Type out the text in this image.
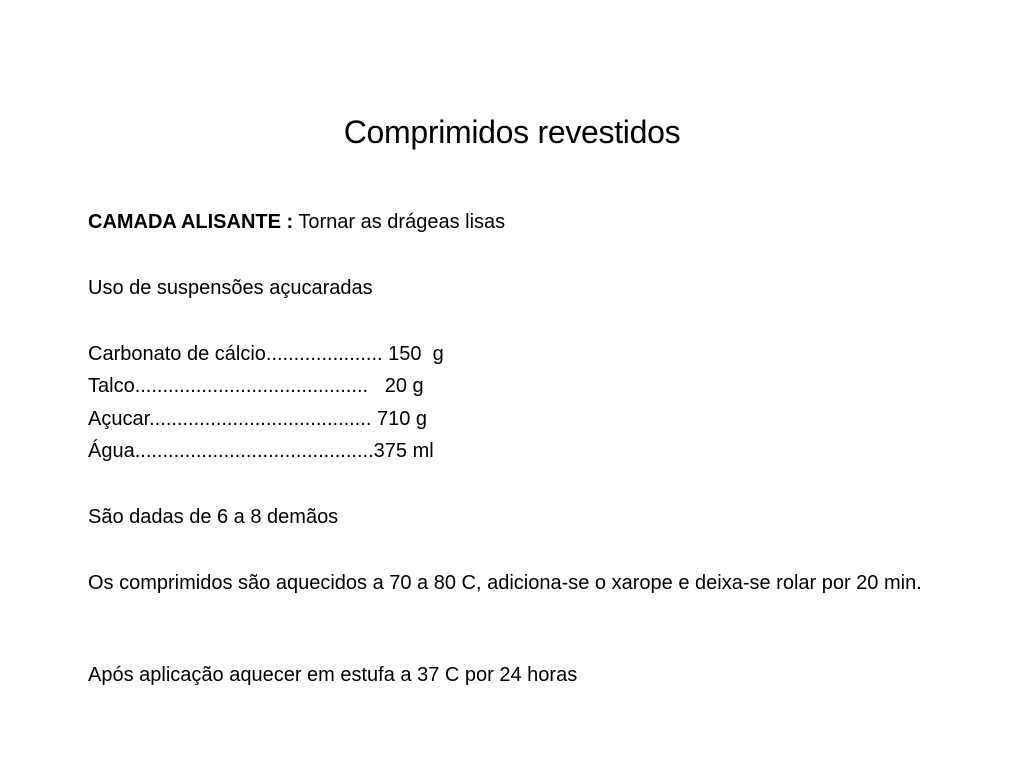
Comprimidos revestidos
CAMADA ALISANTE : Tornar as drágeas lisas
Uso de suspensões açucaradas
Carbonato de cálcio..................... 150  g
Talco..........................................   20 g
Açucar........................................ 710 g
Água...........................................375 ml
São dadas de 6 a 8 demãos
Os comprimidos são aquecidos a 70 a 80 C, adiciona-se o xarope e deixa-se rolar por 20 min.
Após aplicação aquecer em estufa a 37 C por 24 horas
